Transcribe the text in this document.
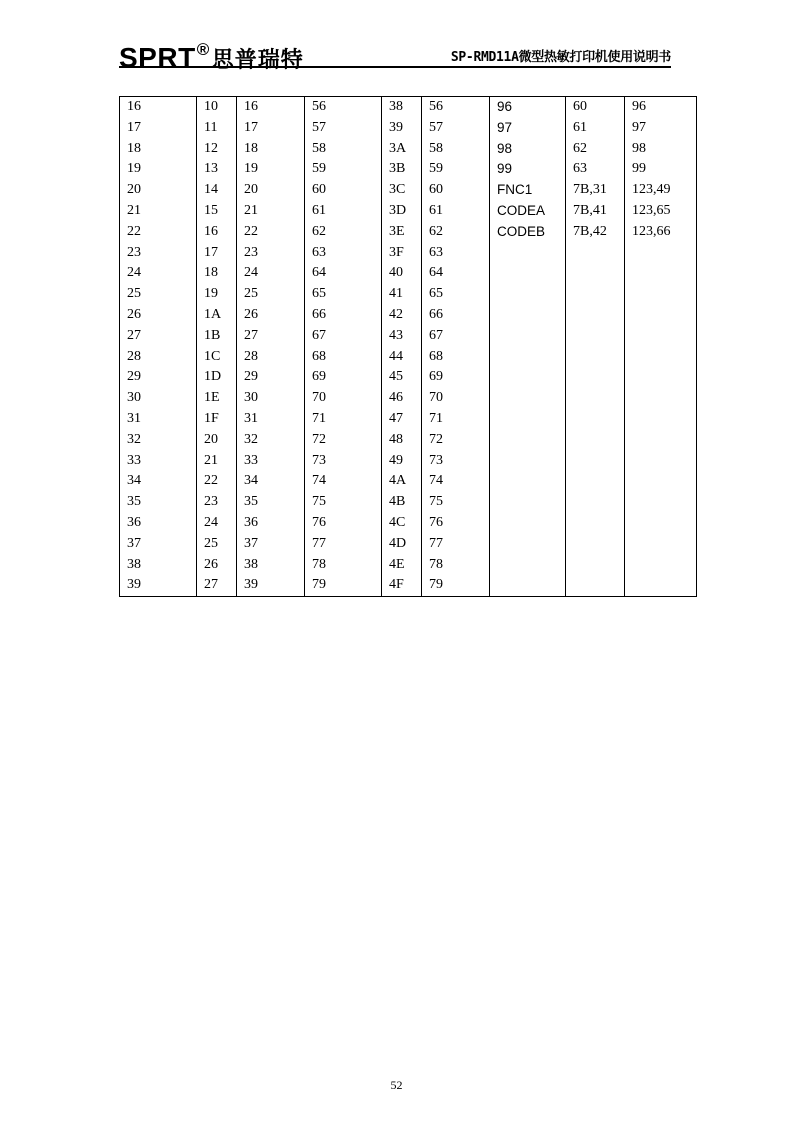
SPRT®思普瑞特	SP-RMD11A微型热敏打印机使用说明书
16	10	16	56	38	56	96	60	96
17	11	17	57	39	57	97	61	97
18	12	18	58	3A	58	98	62	98
19	13	19	59	3B	59	99	63	99
20	14	20	60	3C	60	FNC1	7B,31	123,49
21	15	21	61	3D	61	CODEA	7B,41	123,65
22	16	22	62	3E	62	CODEB	7B,42	123,66
23	17	23	63	3F	63			
24	18	24	64	40	64			
25	19	25	65	41	65			
26	1A	26	66	42	66			
27	1B	27	67	43	67			
28	1C	28	68	44	68			
29	1D	29	69	45	69			
30	1E	30	70	46	70			
31	1F	31	71	47	71			
32	20	32	72	48	72			
33	21	33	73	49	73			
34	22	34	74	4A	74			
35	23	35	75	4B	75			
36	24	36	76	4C	76			
37	25	37	77	4D	77			
38	26	38	78	4E	78			
39	27	39	79	4F	79			
52
